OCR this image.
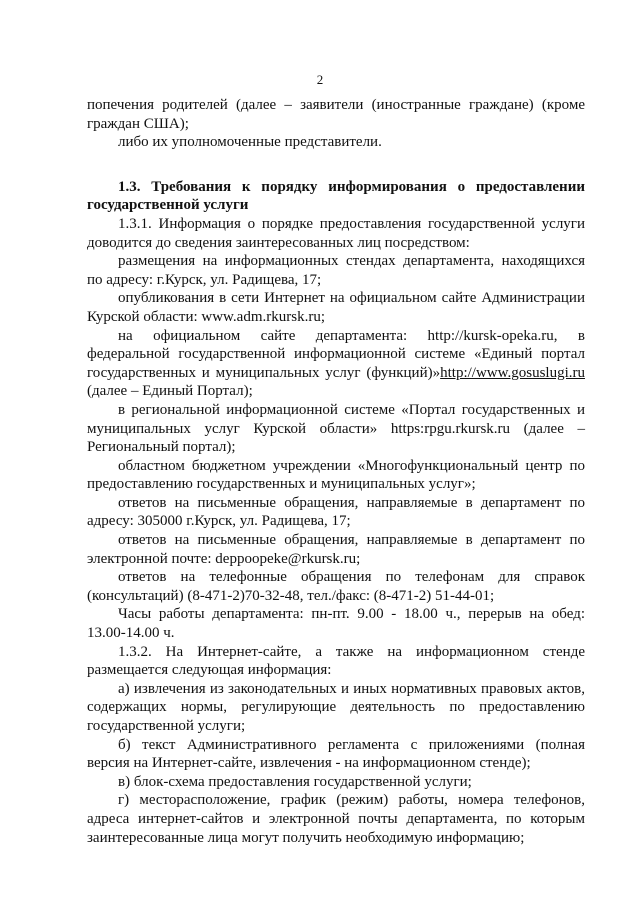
2

попечения родителей (далее – заявители (иностранные граждане) (кроме граждан США);

либо их уполномоченные представители.

1.3. Требования к порядку информирования о предоставлении государственной услуги

1.3.1. Информация о порядке предоставления государственной услуги доводится до сведения заинтересованных лиц посредством:

размещения на информационных стендах департамента, находящихся по адресу: г.Курск, ул. Радищева, 17;

опубликования в сети Интернет на официальном сайте Администрации Курской области: www.adm.rkursk.ru;

на официальном сайте департамента: http://kursk-opeka.ru, в федеральной государственной информационной системе «Единый портал государственных и муниципальных услуг (функций)»http://www.gosuslugi.ru (далее – Единый Портал);

в региональной информационной системе «Портал государственных и муниципальных услуг Курской области» https:rpgu.rkursk.ru (далее – Региональный портал);

областном бюджетном учреждении «Многофункциональный центр по предоставлению государственных и муниципальных услуг»;

ответов на письменные обращения, направляемые в департамент по адресу: 305000 г.Курск, ул. Радищева, 17;

ответов на письменные обращения, направляемые в департамент по электронной почте: deppoopeke@rkursk.ru;

ответов на телефонные обращения по телефонам для справок (консультаций) (8-471-2)70-32-48, тел./факс: (8-471-2) 51-44-01;

Часы работы департамента: пн-пт. 9.00 - 18.00 ч., перерыв на обед: 13.00-14.00 ч.

1.3.2. На Интернет-сайте, а также на информационном стенде размещается следующая информация:

а) извлечения из законодательных и иных нормативных правовых актов, содержащих нормы, регулирующие деятельность по предоставлению государственной услуги;

б) текст Административного регламента с приложениями (полная версия на Интернет-сайте, извлечения - на информационном стенде);

в) блок-схема предоставления государственной услуги;

г) месторасположение, график (режим) работы, номера телефонов, адреса интернет-сайтов и электронной почты департамента, по которым заинтересованные лица могут получить необходимую информацию;
